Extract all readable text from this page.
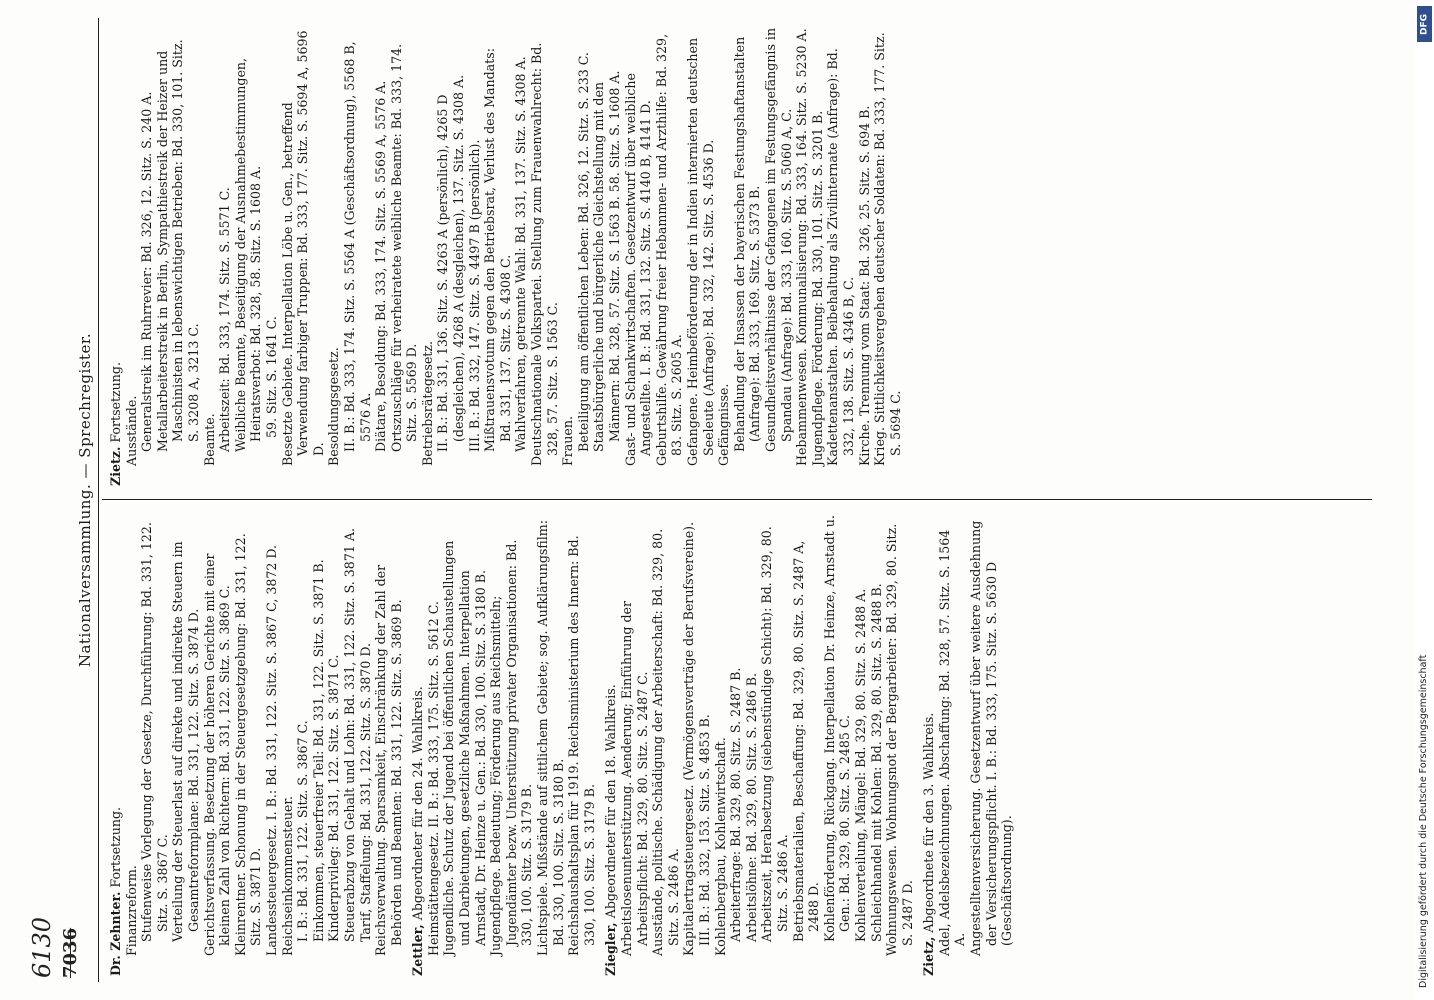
6130 7036
Nationalversammlung. — Sprechregister.
Dr. Zehnter. Fortsetzung.
Finanzreform. Stufenweise Vorlegung der Gesetze, Durchführung: Bd. 331, 122. Sitz. S. 3867 C. Verteilung der Steuerlast auf direkte und indirekte Steuern im Gesamtreformplane: Bd. 331, 122. Sitz. S. 3874 D. Gerichtsverfassung. Besetzung der höheren Gerichte mit einer kleinen Zahl von Richtern: Bd. 331, 122. Sitz. S. 3869 C. Kleinrentner. Schonung in der Steuergesetzgebung: Bd. 331, 122. Sitz. S. 3871 D. Landessteuergesetz. I. B.: Bd. 331, 122. Sitz. S. 3867 C, 3872 D. Reichseinkommensteuer. I. B.: Bd. 331, 122. Sitz. S. 3867 C. Einkommen, steuerfreier Teil: Bd. 331, 122. Sitz. S. 3871 B. Kinderprivileg: Bd. 331, 122. Sitz. S. 3871 C. Steuerabzug von Gehalt und Lohn: Bd. 331, 122. Sitz. S. 3871 A. Tarif, Staffelung: Bd. 331, 122. Sitz. S. 3870 D. Reichsverwaltung. Sparsamkeit, Einschränkung der Zahl der Behörden und Beamten: Bd. 331, 122. Sitz. S. 3869 B.
Zettler, Abgeordneter für den 24. Wahlkreis. Heimstättengesetz. II. B.: Bd. 333, 175. Sitz. S. 5612 C. Jugendliche. Schutz der Jugend bei öffentlichen Schaustellungen und Darbietungen, gesetzliche Maßnahmen. Interpellation Arnstadt, Dr. Heinze u. Gen.: Bd. 330, 100. Sitz. S. 3180 B. Jugendpflege. Bedeutung; Förderung aus Reichsmitteln; Jugendämter bezw. Unterstützung privater Organisationen: Bd. 330, 100. Sitz. S. 3179 B. Lichtspiele. Mißstände auf sittlichem Gebiete; sog. Aufklärungsfilm: Bd. 330, 100. Sitz. S. 3180 B. Reichshaushaltsplan für 1919. Reichsministerium des Innern: Bd. 330, 100. Sitz. S. 3179 B.
Ziegler, Abgeordneter für den 18. Wahlkreis. Arbeitslosenunterstützung. Aenderung; Einführung der Arbeitspflicht: Bd. 329, 80. Sitz. S. 2487 C. Ausstände, politische. Schädigung der Arbeiterschaft: Bd. 329, 80. Sitz. S. 2486 A. Kapitalertragsteuergesetz. (Vermögensverträge der Berufsvereine). III. B.: Bd. 332, 153. Sitz. S. 4853 B. Kohlenbergbau, Kohlenwirtschaft. Arbeiterfrage: Bd. 329, 80. Sitz. S. 2487 B. Arbeitslöhne: Bd. 329, 80. Sitz. S. 2486 B. Arbeitszeit, Herabsetzung (siebenstündige Schicht): Bd. 329, 80. Sitz. S. 2486 A. Betriebsmaterialien, Beschaffung: Bd. 329, 80. Sitz. S. 2487 A, 2488 D. Kohlenförderung, Rückgang. Interpellation Dr. Heinze, Arnstadt u. Gen.: Bd. 329, 80. Sitz. S. 2485 C. Kohlenverteilung, Mängel: Bd. 329, 80. Sitz. S. 2488 A. Schleichhandel mit Kohlen: Bd. 329, 80. Sitz. S. 2488 B. Wohnungswesen. Wohnungsnot der Bergarbeiter: Bd. 329, 80. Sitz. S. 2487 D.
Zietz, Abgeordnete für den 3. Wahlkreis. Adel, Adelsbezeichnungen. Abschaffung: Bd. 328, 57. Sitz. S. 1564 A. Angestelltenversicherung. Gesetzentwurf über weitere Ausdehnung der Versicherungspflicht. I. B.: Bd. 333, 175. Sitz. S. 5630 D (Geschäftsordnung).
Zietz. Fortsetzung. Ausstände. Generalstreik im Ruhrrevier: Bd. 326, 12. Sitz. S. 240 A. Metallarbeiterstreik in Berlin, Sympathiestreik der Heizer und Maschinisten in lebenswichtigen Betrieben: Bd. 330, 101. Sitz. S. 3208 A, 3213 C. Beamte. Arbeitszeit: Bd. 333, 174. Sitz. S. 5571 C. Weibliche Beamte, Beseitigung der Ausnahmebestimmungen, Heiratsverbot: Bd. 328, 58. Sitz. S. 1608 A. 59. Sitz. S. 1641 C. Besetzte Gebiete. Interpellation Löbe u. Gen., betreffend Verwendung farbiger Truppen: Bd. 333, 177. Sitz. S. 5694 A, 5696 D. Besoldungsgesetz. II. B.: Bd. 333, 174. Sitz. S. 5564 A (Geschäftsordnung), 5568 B, 5576 A. Diätare, Besoldung: Bd. 333, 174. Sitz. S. 5569 A, 5576 A. Ortszuschläge für verheiratete weibliche Beamte: Bd. 333, 174. Sitz. S. 5569 D. Betriebsrätegesetz. II. B.: Bd. 331, 136. Sitz. S. 4263 A (persönlich), 4265 D (desgleichen), 4268 A (desgleichen), 137. Sitz. S. 4308 A. III. B.: Bd. 332, 147. Sitz. S. 4497 B (persönlich). Mißtrauensvotum gegen den Betriebsrat, Verlust des Mandats: Bd. 331, 137. Sitz. S. 4308 C. Wahlverfahren, getrennte Wahl: Bd. 331, 137. Sitz. S. 4308 A. Deutschnationale Volkspartei. Stellung zum Frauenwahlrecht: Bd. 328, 57. Sitz. S. 1563 C. Frauen. Beteiligung am öffentlichen Leben: Bd. 326, 12. Sitz. S. 233 C. Staatsbürgerliche und bürgerliche Gleichstellung mit den Männern: Bd. 328, 57. Sitz. S. 1563 B. 58. Sitz. S. 1608 A. Gast- und Schankwirtschaften. Gesetzentwurf über weibliche Angestellte. I. B.: Bd. 331, 132. Sitz. S. 4140 B, 4141 D. Geburtshilfe. Gewährung freier Hebammen- und Arzthilfe: Bd. 329, 83. Sitz. S. 2605 A. Gefangene. Heimbeförderung der in Indien internierten deutschen Seeleute (Anfrage): Bd. 332, 142. Sitz. S. 4536 D. Gefängnisse. Behandlung der Insassen der bayerischen Festungshaftanstalten (Anfrage): Bd. 333, 169. Sitz. S. 5373 B. Gesundheitsverhältnisse der Gefangenen im Festungsgefängnis in Spandau (Anfrage): Bd. 333, 160. Sitz. S. 5060 A, C. Hebammenwesen. Kommunalisierung: Bd. 333, 164. Sitz. S. 5230 A. Jugendpflege. Förderung: Bd. 330, 101. Sitz. S. 3201 B. Kadettenanstalten. Beibehaltung als Zivilinternate (Anfrage): Bd. 332, 138. Sitz. S. 4346 B, C. Kirche. Trennung vom Staat: Bd. 326, 25. Sitz. S. 694 B. Krieg. Sittlichkeitsvergehen deutscher Soldaten: Bd. 333, 177. Sitz. S. 5694 C.
DFG
Digitalisierung gefördert durch die Deutsche Forschungsgemeinschaft
